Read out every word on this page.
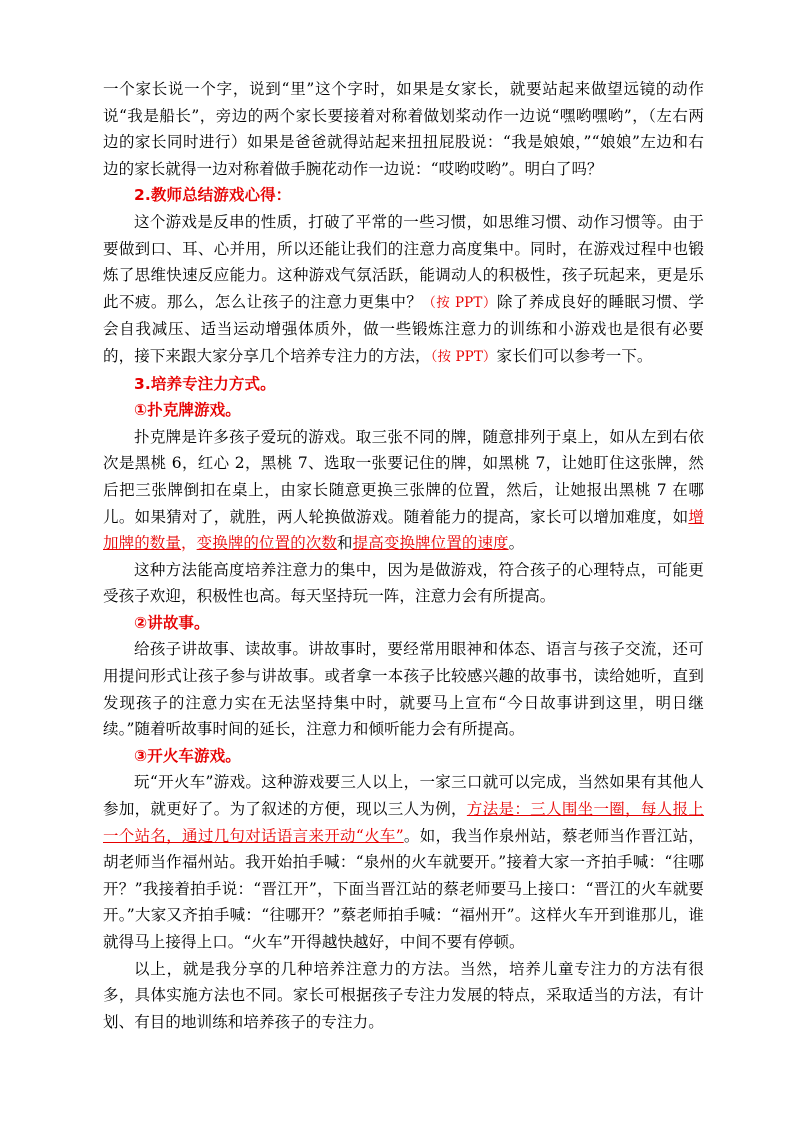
一个家长说一个字，说到“里”这个字时，如果是女家长，就要站起来做望远镜的动作说“我是船长”，旁边的两个家长要接着对称着做划桨动作一边说“嘿哟嘿哟”，（左右两边的家长同时进行）如果是爸爸就得站起来扭扭屁股说：“我是娘娘，”“娘娘”左边和右边的家长就得一边对称着做手腕花动作一边说：“哎哟哎哟”。明白了吗？

2.教师总结游戏心得：

这个游戏是反串的性质，打破了平常的一些习惯，如思维习惯、动作习惯等。由于要做到口、耳、心并用，所以还能让我们的注意力高度集中。同时，在游戏过程中也锻炼了思维快速反应能力。这种游戏气氛活跃，能调动人的积极性，孩子玩起来，更是乐此不疲。那么，怎么让孩子的注意力更集中？（按 PPT）除了养成良好的睡眠习惯、学会自我减压、适当运动增强体质外，做一些锻炼注意力的训练和小游戏也是很有必要的，接下来跟大家分享几个培养专注力的方法，（按 PPT）家长们可以参考一下。

3.培养专注力方式。

①扑克牌游戏。

扑克牌是许多孩子爱玩的游戏。取三张不同的牌，随意排列于桌上，如从左到右依次是黑桃 6，红心 2，黑桃 7、选取一张要记住的牌，如黑桃 7，让她盯住这张牌，然后把三张牌倒扣在桌上，由家长随意更换三张牌的位置，然后，让她报出黑桃 7 在哪儿。如果猜对了，就胜，两人轮换做游戏。随着能力的提高，家长可以增加难度，如增加牌的数量，变换牌的位置的次数和提高变换牌位置的速度。

这种方法能高度培养注意力的集中，因为是做游戏，符合孩子的心理特点，可能更受孩子欢迎，积极性也高。每天坚持玩一阵，注意力会有所提高。

②讲故事。

给孩子讲故事、读故事。讲故事时，要经常用眼神和体态、语言与孩子交流，还可用提问形式让孩子参与讲故事。或者拿一本孩子比较感兴趣的故事书，读给她听，直到发现孩子的注意力实在无法坚持集中时，就要马上宣布“今日故事讲到这里，明日继续。”随着听故事时间的延长，注意力和倾听能力会有所提高。

③开火车游戏。

玩“开火车”游戏。这种游戏要三人以上，一家三口就可以完成，当然如果有其他人参加，就更好了。为了叙述的方便，现以三人为例，方法是：三人围坐一圈，每人报上一个站名，通过几句对话语言来开动“火车”。如，我当作泉州站，蔡老师当作晋江站，胡老师当作福州站。我开始拍手喊：“泉州的火车就要开。”接着大家一齐拍手喊：“往哪开？”我接着拍手说：“晋江开”，下面当晋江站的蔡老师要马上接口：“晋江的火车就要开。”大家又齐拍手喊：“往哪开？”蔡老师拍手喊：“福州开”。这样火车开到谁那儿，谁就得马上接得上口。“火车”开得越快越好，中间不要有停顿。

以上，就是我分享的几种培养注意力的方法。当然，培养儿童专注力的方法有很多，具体实施方法也不同。家长可根据孩子专注力发展的特点，采取适当的方法，有计划、有目的地训练和培养孩子的专注力。
